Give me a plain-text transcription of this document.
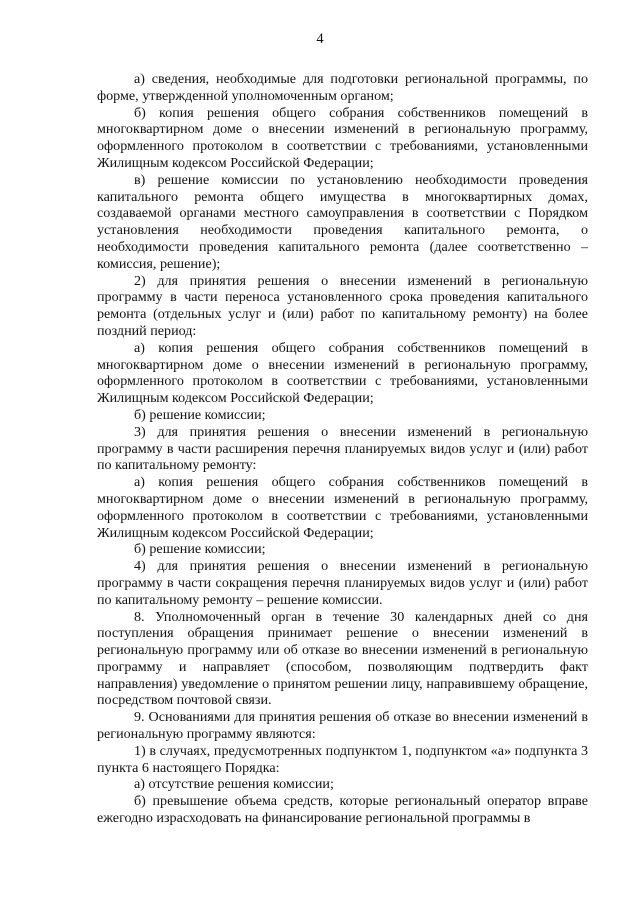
4

а) сведения, необходимые для подготовки региональной программы, по форме, утвержденной уполномоченным органом;

б) копия решения общего собрания собственников помещений в многоквартирном доме о внесении изменений в региональную программу, оформленного протоколом в соответствии с требованиями, установленными Жилищным кодексом Российской Федерации;

в) решение комиссии по установлению необходимости проведения капитального ремонта общего имущества в многоквартирных домах, создаваемой органами местного самоуправления в соответствии с Порядком установления необходимости проведения капитального ремонта, о необходимости проведения капитального ремонта (далее соответственно – комиссия, решение);

2) для принятия решения о внесении изменений в региональную программу в части переноса установленного срока проведения капитального ремонта (отдельных услуг и (или) работ по капитальному ремонту) на более поздний период:

а) копия решения общего собрания собственников помещений в многоквартирном доме о внесении изменений в региональную программу, оформленного протоколом в соответствии с требованиями, установленными Жилищным кодексом Российской Федерации;

б) решение комиссии;

3) для принятия решения о внесении изменений в региональную программу в части расширения перечня планируемых видов услуг и (или) работ по капитальному ремонту:

а) копия решения общего собрания собственников помещений в многоквартирном доме о внесении изменений в региональную программу, оформленного протоколом в соответствии с требованиями, установленными Жилищным кодексом Российской Федерации;

б) решение комиссии;

4) для принятия решения о внесении изменений в региональную программу в части сокращения перечня планируемых видов услуг и (или) работ по капитальному ремонту – решение комиссии.

8. Уполномоченный орган в течение 30 календарных дней со дня поступления обращения принимает решение о внесении изменений в региональную программу или об отказе во внесении изменений в региональную программу и направляет (способом, позволяющим подтвердить факт направления) уведомление о принятом решении лицу, направившему обращение, посредством почтовой связи.

9. Основаниями для принятия решения об отказе во внесении изменений в региональную программу являются:

1) в случаях, предусмотренных подпунктом 1, подпунктом «а» подпункта 3 пункта 6 настоящего Порядка:

а) отсутствие решения комиссии;

б) превышение объема средств, которые региональный оператор вправе ежегодно израсходовать на финансирование региональной программы в
